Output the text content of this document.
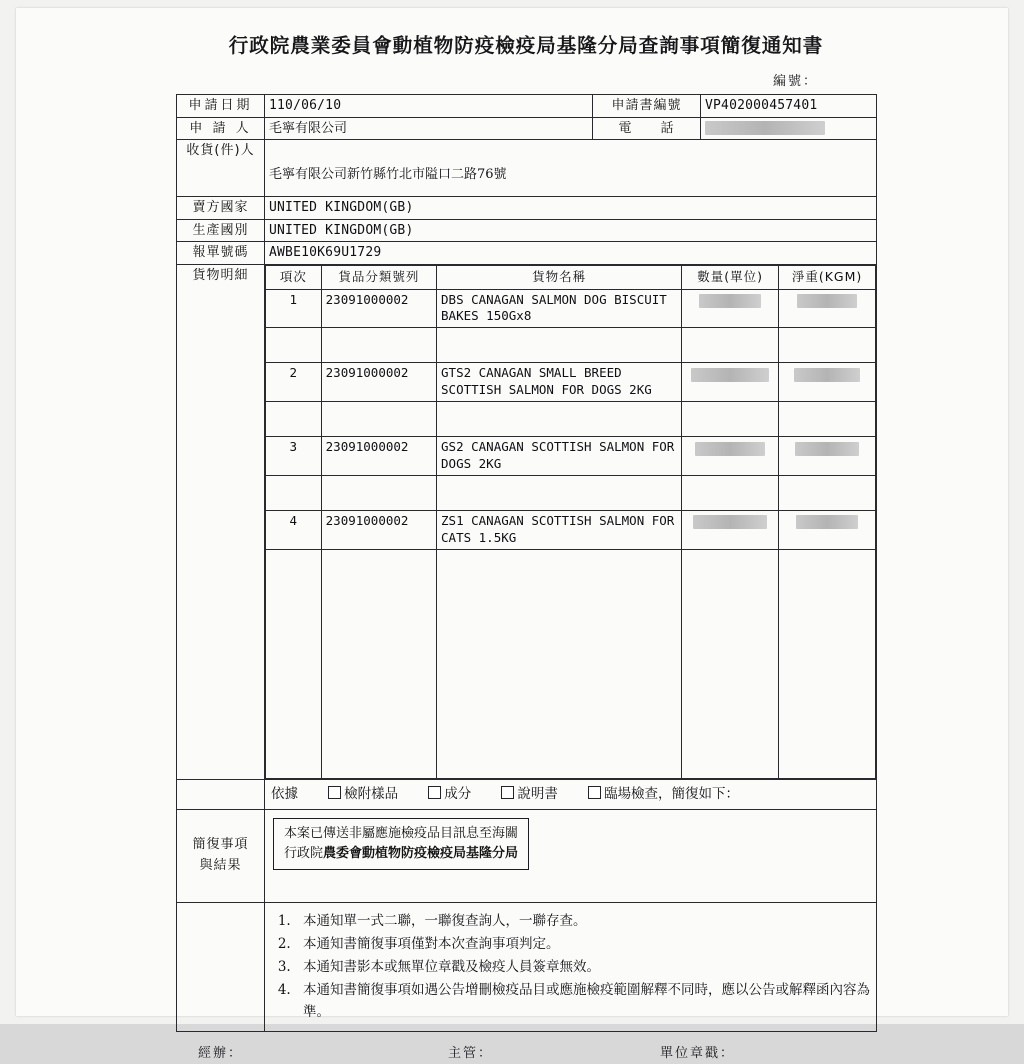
行政院農業委員會動植物防疫檢疫局基隆分局查詢事項簡復通知書
編號：
申請日期	110/06/10	申請書編號	VP402000457401
申 請 人	毛寧有限公司	電　　話	
收貨(件)人	毛寧有限公司新竹縣竹北市隘口二路76號
賣方國家	UNITED KINGDOM(GB)
生產國別	UNITED KINGDOM(GB)
報單號碼	AWBE10K69U1729
貨物明細		項次	貨品分類號列	貨物名稱	數量(單位)	淨重(KGM)
1	23091000002	DBS CANAGAN SALMON DOG BISCUIT BAKES 150Gx8		

2	23091000002	GTS2 CANAGAN SMALL BREED SCOTTISH SALMON FOR DOGS 2KG		

3	23091000002	GS2 CANAGAN SCOTTISH SALMON FOR DOGS 2KG		

4	23091000002	ZS1 CANAGAN SCOTTISH SALMON FOR CATS 1.5KG		

	依據	檢附樣品	成分	說明書	臨場檢查，簡復如下：

簡復事項
與結果

本案已傳送非屬應施檢疫品目訊息至海關
行政院農委會動植物防疫檢疫局基隆分局

1. 本通知單一式二聯，一聯復查詢人，一聯存查。
2. 本通知書簡復事項僅對本次查詢事項判定。
3. 本通知書影本或無單位章戳及檢疫人員簽章無效。
4. 本通知書簡復事項如遇公告增刪檢疫品目或應施檢疫範圍解釋不同時，應以公告或解釋函內容為準。
經辦：	主管：	單位章戳：
